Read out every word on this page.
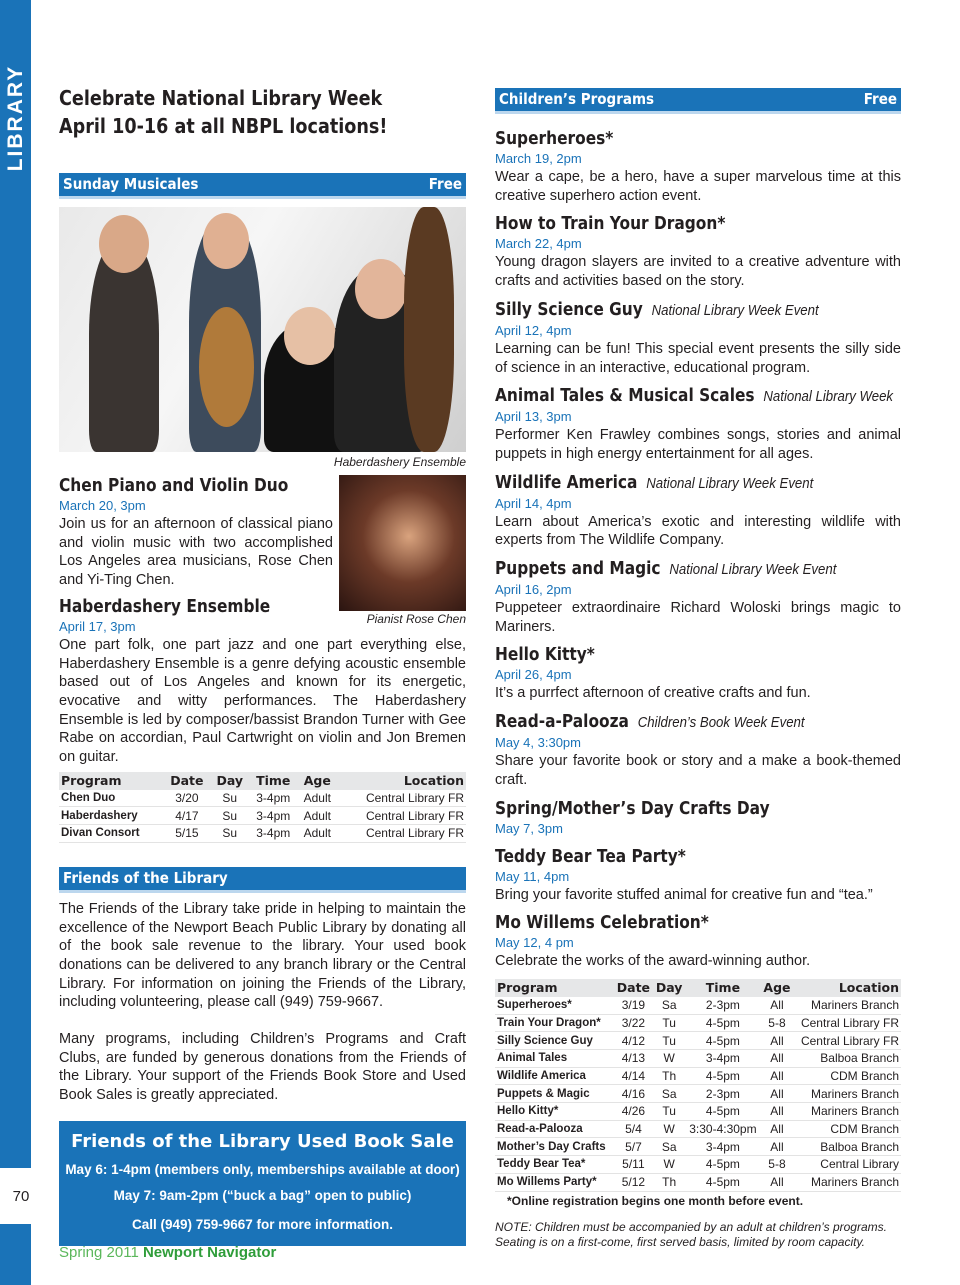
LIBRARY
70
Celebrate National Library Week
April 10-16 at all NBPL locations!
Sunday Musicales	Free
Haberdashery Ensemble
Pianist Rose Chen
Chen Piano and Violin Duo
March 20, 3pm
Join us for an afternoon of classical piano and violin music with two accomplished Los Angeles area musicians, Rose Chen and Yi-Ting Chen.
Haberdashery Ensemble
April 17, 3pm
One part folk, one part jazz and one part everything else, Haberdashery Ensemble is a genre defying acoustic ensemble based out of Los Angeles and known for its energetic, evocative and witty performances. The Haberdashery Ensemble is led by composer/bassist Brandon Turner with Gee Rabe on accordian, Paul Cartwright on violin and Jon Bremen on guitar.
Program	Date	Day	Time	Age	Location
Chen Duo	3/20	Su	3-4pm	Adult	Central Library FR
Haberdashery	4/17	Su	3-4pm	Adult	Central Library FR
Divan Consort	5/15	Su	3-4pm	Adult	Central Library FR
Friends of the Library
The Friends of the Library take pride in helping to maintain the excellence of the Newport Beach Public Library by donating all of the book sale revenue to the library. Your used book donations can be delivered to any branch library or the Central Library. For information on joining the Friends of the Library, including volunteering, please call (949) 759-9667.
Many programs, including Children’s Programs and Craft Clubs, are funded by generous donations from the Friends of the Library. Your support of the Friends Book Store and Used Book Sales is greatly appreciated.
Friends of the Library Used Book Sale
May 6: 1-4pm (members only, memberships available at door)
May 7: 9am-2pm (“buck a bag” open to public)
Call (949) 759-9667 for more information.
Children’s Programs	Free
Superheroes*
March 19, 2pm
Wear a cape, be a hero, have a super marvelous time at this creative superhero action event.
How to Train Your Dragon*
March 22, 4pm
Young dragon slayers are invited to a creative adventure with crafts and activities based on the story.
Silly Science Guy National Library Week Event
April 12, 4pm
Learning can be fun! This special event presents the silly side of science in an interactive, educational program.
Animal Tales & Musical Scales National Library Week
April 13, 3pm
Performer Ken Frawley combines songs, stories and animal puppets in high energy entertainment for all ages.
Wildlife America National Library Week Event
April 14, 4pm
Learn about America’s exotic and interesting wildlife with experts from The Wildlife Company.
Puppets and Magic National Library Week Event
April 16, 2pm
Puppeteer extraordinaire Richard Woloski brings magic to Mariners.
Hello Kitty*
April 26, 4pm
It’s a purrfect afternoon of creative crafts and fun.
Read-a-Palooza Children’s Book Week Event
May 4, 3:30pm
Share your favorite book or story and a make a book-themed craft.
Spring/Mother’s Day Crafts Day
May 7, 3pm
Teddy Bear Tea Party*
May 11, 4pm
Bring your favorite stuffed animal for creative fun and “tea.”
Mo Willems Celebration*
May 12, 4 pm
Celebrate the works of the award-winning author.
Program	Date	Day	Time	Age	Location
Superheroes*	3/19	Sa	2-3pm	All	Mariners Branch
Train Your Dragon*	3/22	Tu	4-5pm	5-8	Central Library FR
Silly Science Guy	4/12	Tu	4-5pm	All	Central Library FR
Animal Tales	4/13	W	3-4pm	All	Balboa Branch
Wildlife America	4/14	Th	4-5pm	All	CDM Branch
Puppets & Magic	4/16	Sa	2-3pm	All	Mariners Branch
Hello Kitty*	4/26	Tu	4-5pm	All	Mariners Branch
Read-a-Palooza	5/4	W	3:30-4:30pm	All	CDM Branch
Mother’s Day Crafts	5/7	Sa	3-4pm	All	Balboa Branch
Teddy Bear Tea*	5/11	W	4-5pm	5-8	Central Library
Mo Willems Party*	5/12	Th	4-5pm	All	Mariners Branch
*Online registration begins one month before event.
NOTE: Children must be accompanied by an adult at children’s programs. Seating is on a first-come, first served basis, limited by room capacity.
Spring 2011 Newport Navigator
